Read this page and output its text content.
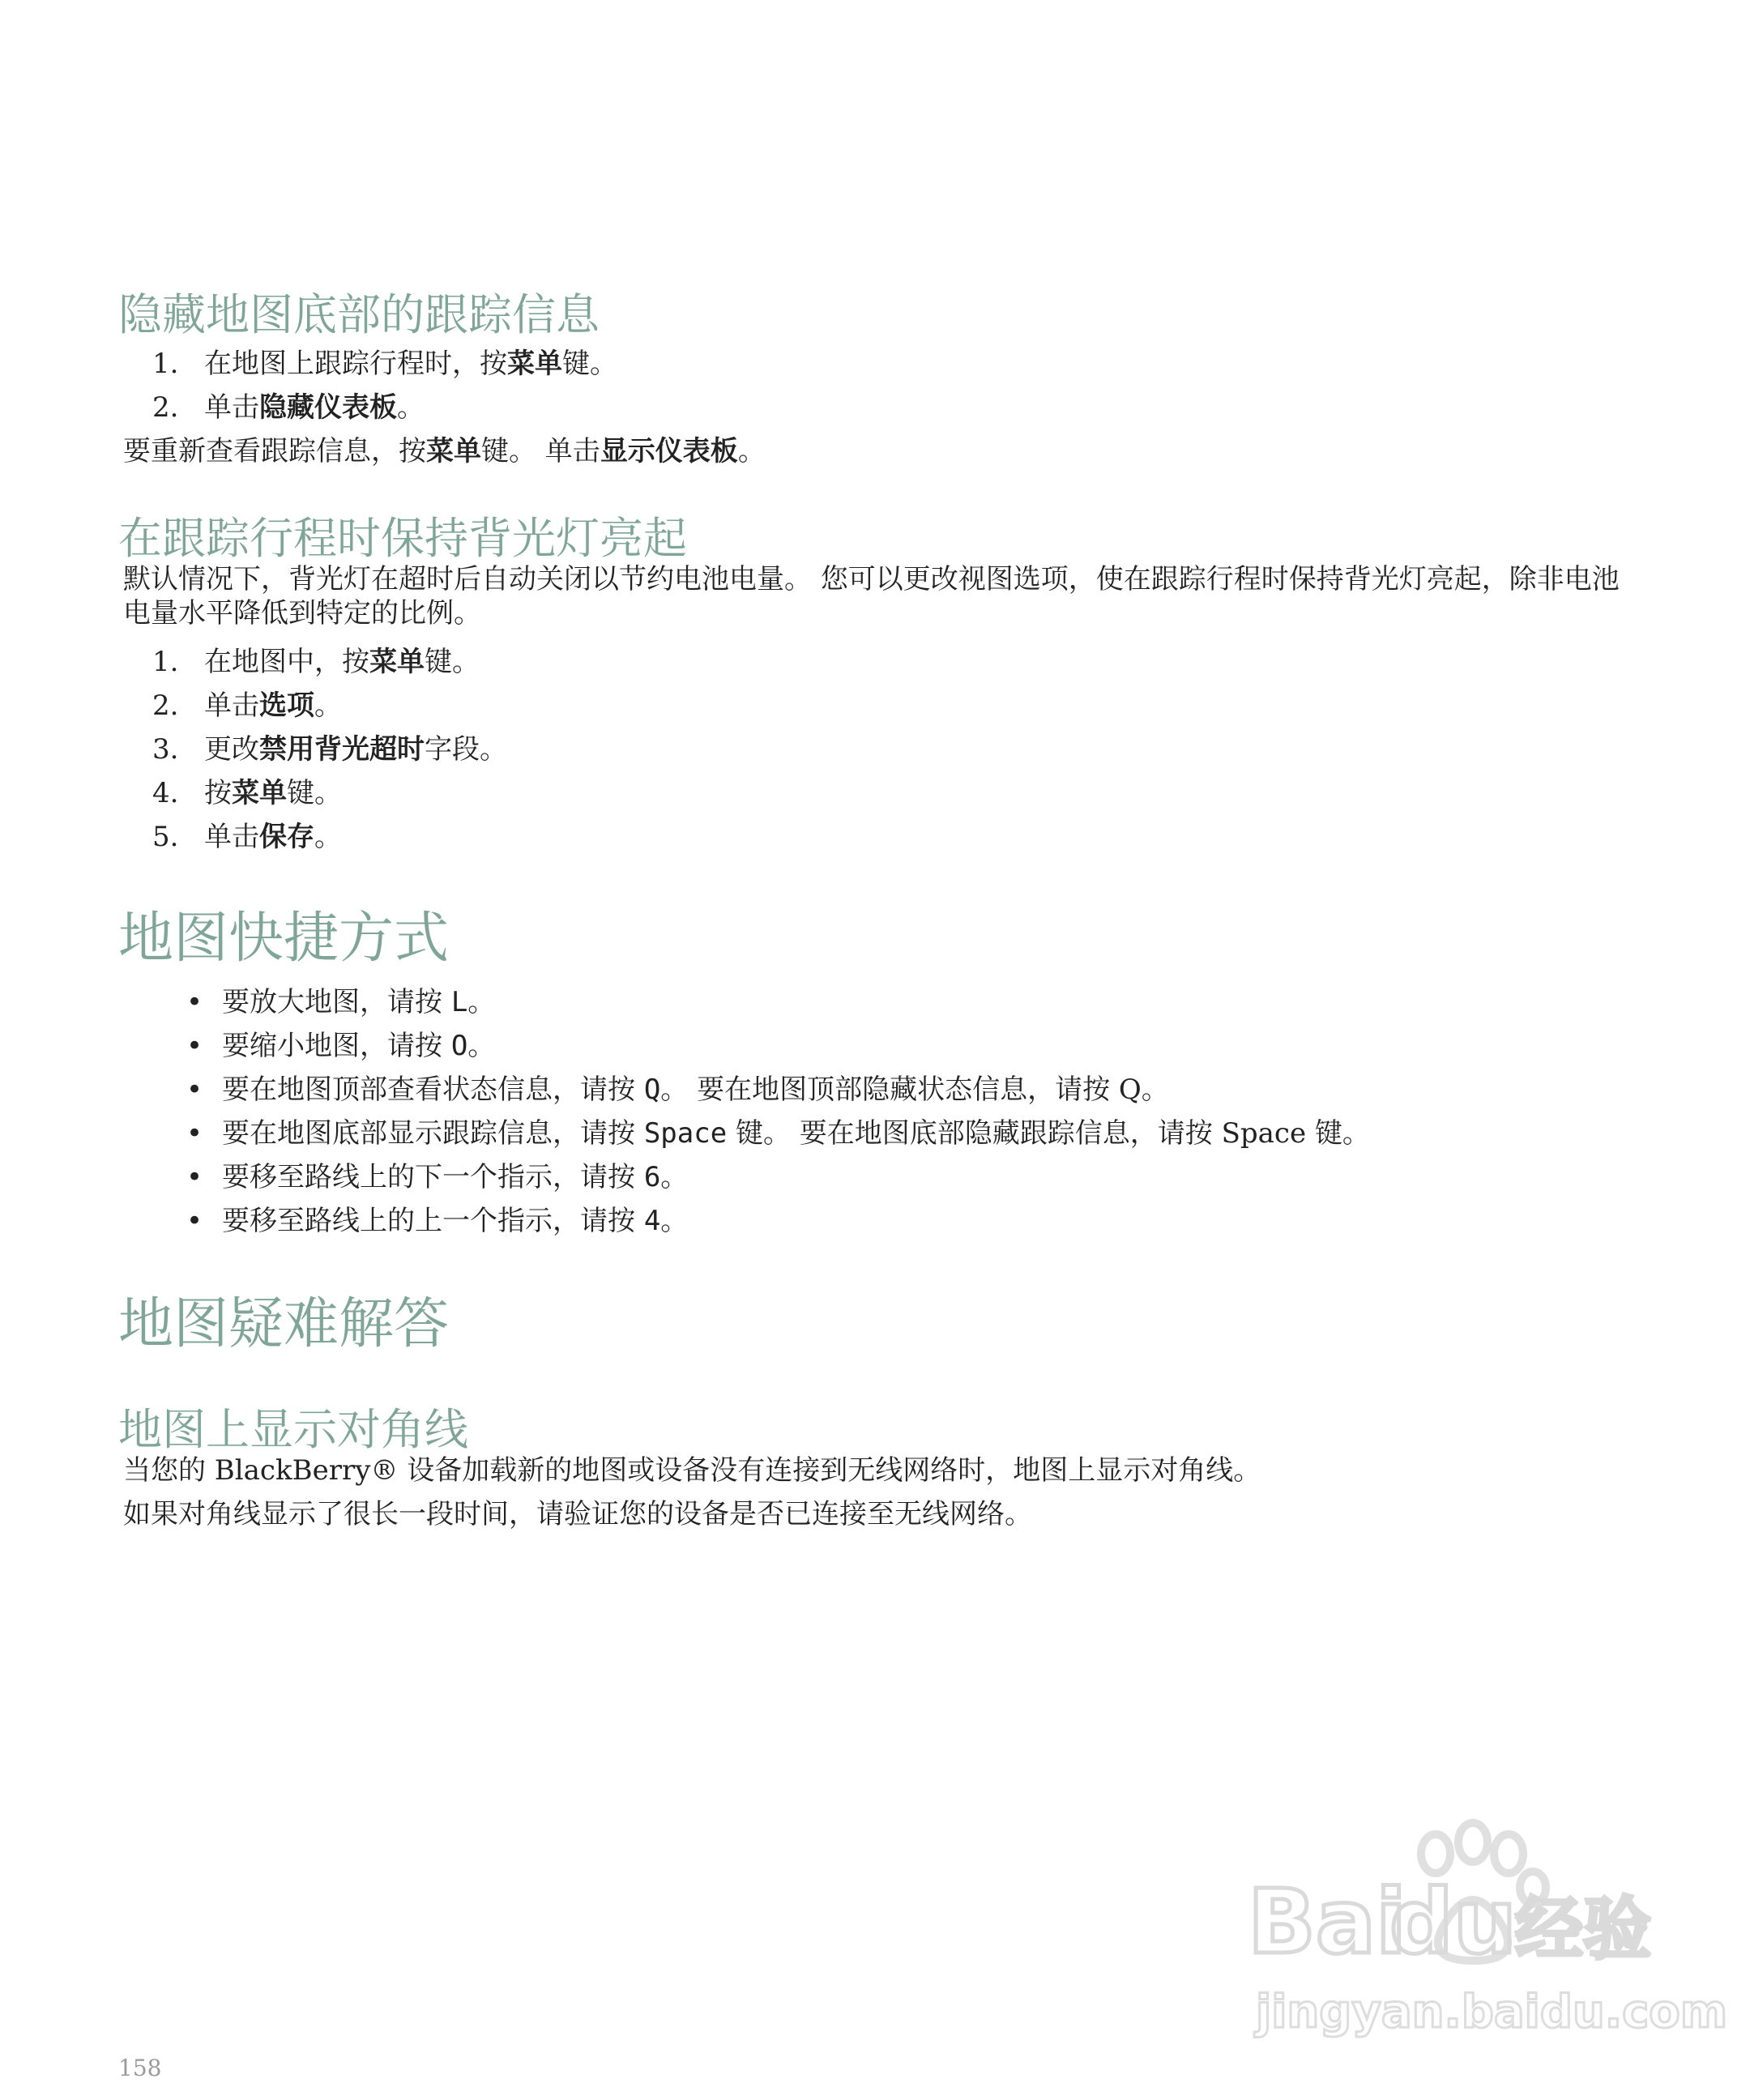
隐藏地图底部的跟踪信息
1. 在地图上跟踪行程时，按菜单键。
2. 单击隐藏仪表板。
要重新查看跟踪信息，按菜单键。 单击显示仪表板。
在跟踪行程时保持背光灯亮起
默认情况下，背光灯在超时后自动关闭以节约电池电量。 您可以更改视图选项，使在跟踪行程时保持背光灯亮起，除非电池电量水平降低到特定的比例。
1. 在地图中，按菜单键。
2. 单击选项。
3. 更改禁用背光超时字段。
4. 按菜单键。
5. 单击保存。
地图快捷方式
• 要放大地图，请按 L。
• 要缩小地图，请按 O。
• 要在地图顶部查看状态信息，请按 Q。 要在地图顶部隐藏状态信息，请按 Q。
• 要在地图底部显示跟踪信息，请按 Space 键。 要在地图底部隐藏跟踪信息，请按 Space 键。
• 要移至路线上的下一个指示，请按 6。
• 要移至路线上的上一个指示，请按 4。
地图疑难解答
地图上显示对角线
当您的 BlackBerry® 设备加载新的地图或设备没有连接到无线网络时，地图上显示对角线。
如果对角线显示了很长一段时间，请验证您的设备是否已连接至无线网络。
Bai
du
经验
jingyan.baidu.com
158
